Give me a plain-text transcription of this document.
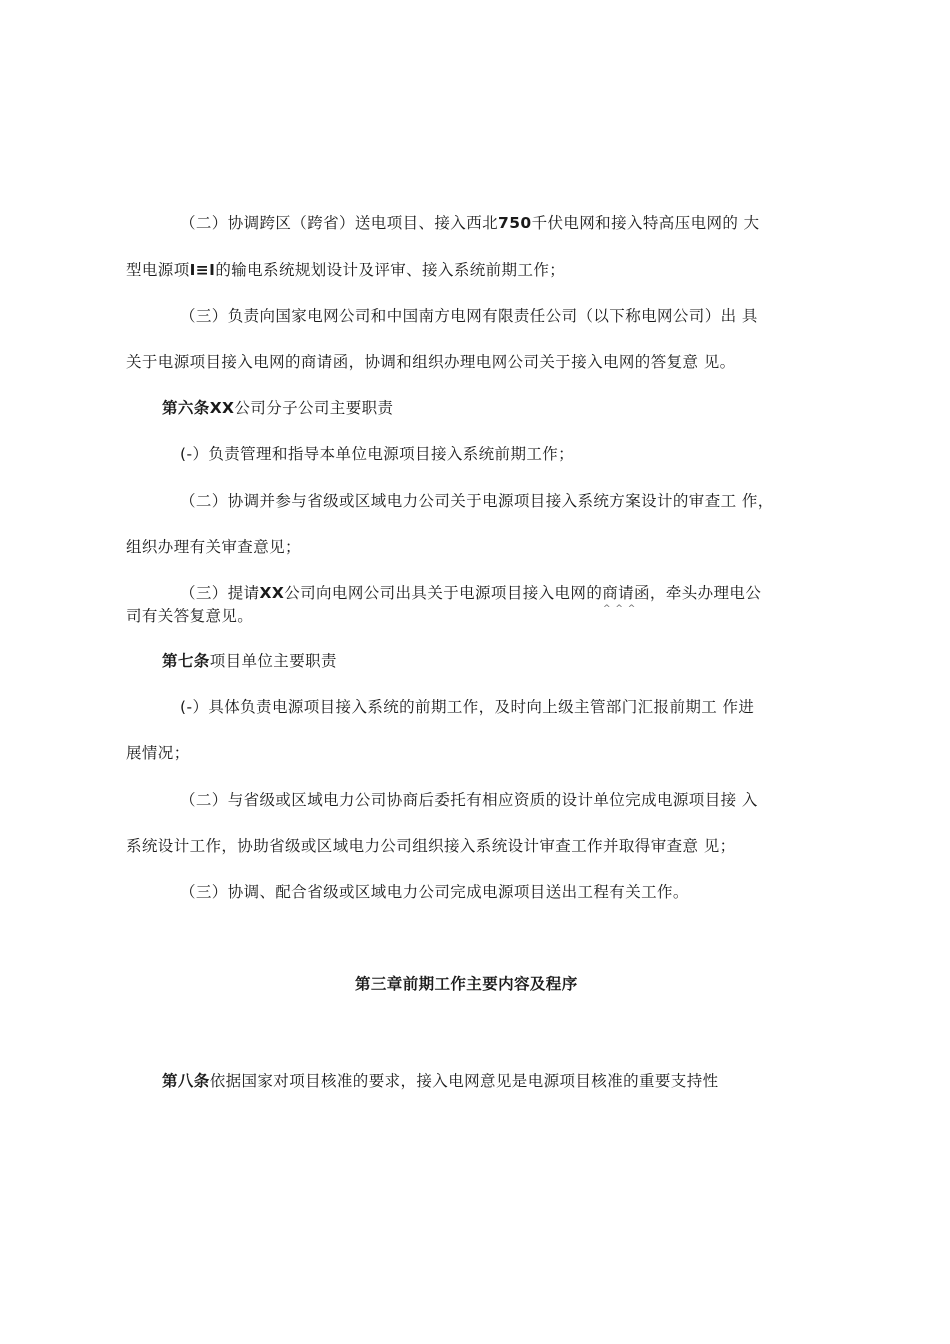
（二）协调跨区（跨省）送电项目、接入西北750千伏电网和接入特高压电网的 大

型电源项I≡I的输电系统规划设计及评审、接入系统前期工作；

（三）负责向国家电网公司和中国南方电网有限责任公司（以下称电网公司）出 具

关于电源项目接入电网的商请函，协调和组织办理电网公司关于接入电网的答复意 见。

第六条XX公司分子公司主要职责

(-）负责管理和指导本单位电源项目接入系统前期工作；

（二）协调并参与省级或区域电力公司关于电源项目接入系统方案设计的审查工 作，

组织办理有关审查意见；

（三）提请XX公司向电网公司出具关于电源项目接入电网的商请函，牵头办理电公

司有关答复意见。	^ ^ ^

第七条项目单位主要职责

(-）具体负责电源项目接入系统的前期工作，及时向上级主管部门汇报前期工 作进

展情况；

（二）与省级或区域电力公司协商后委托有相应资质的设计单位完成电源项目接 入

系统设计工作，协助省级或区域电力公司组织接入系统设计审查工作并取得审查意 见；

（三）协调、配合省级或区域电力公司完成电源项目送出工程有关工作。

第三章前期工作主要内容及程序

第八条依据国家对项目核准的要求，接入电网意见是电源项目核准的重要支持性
